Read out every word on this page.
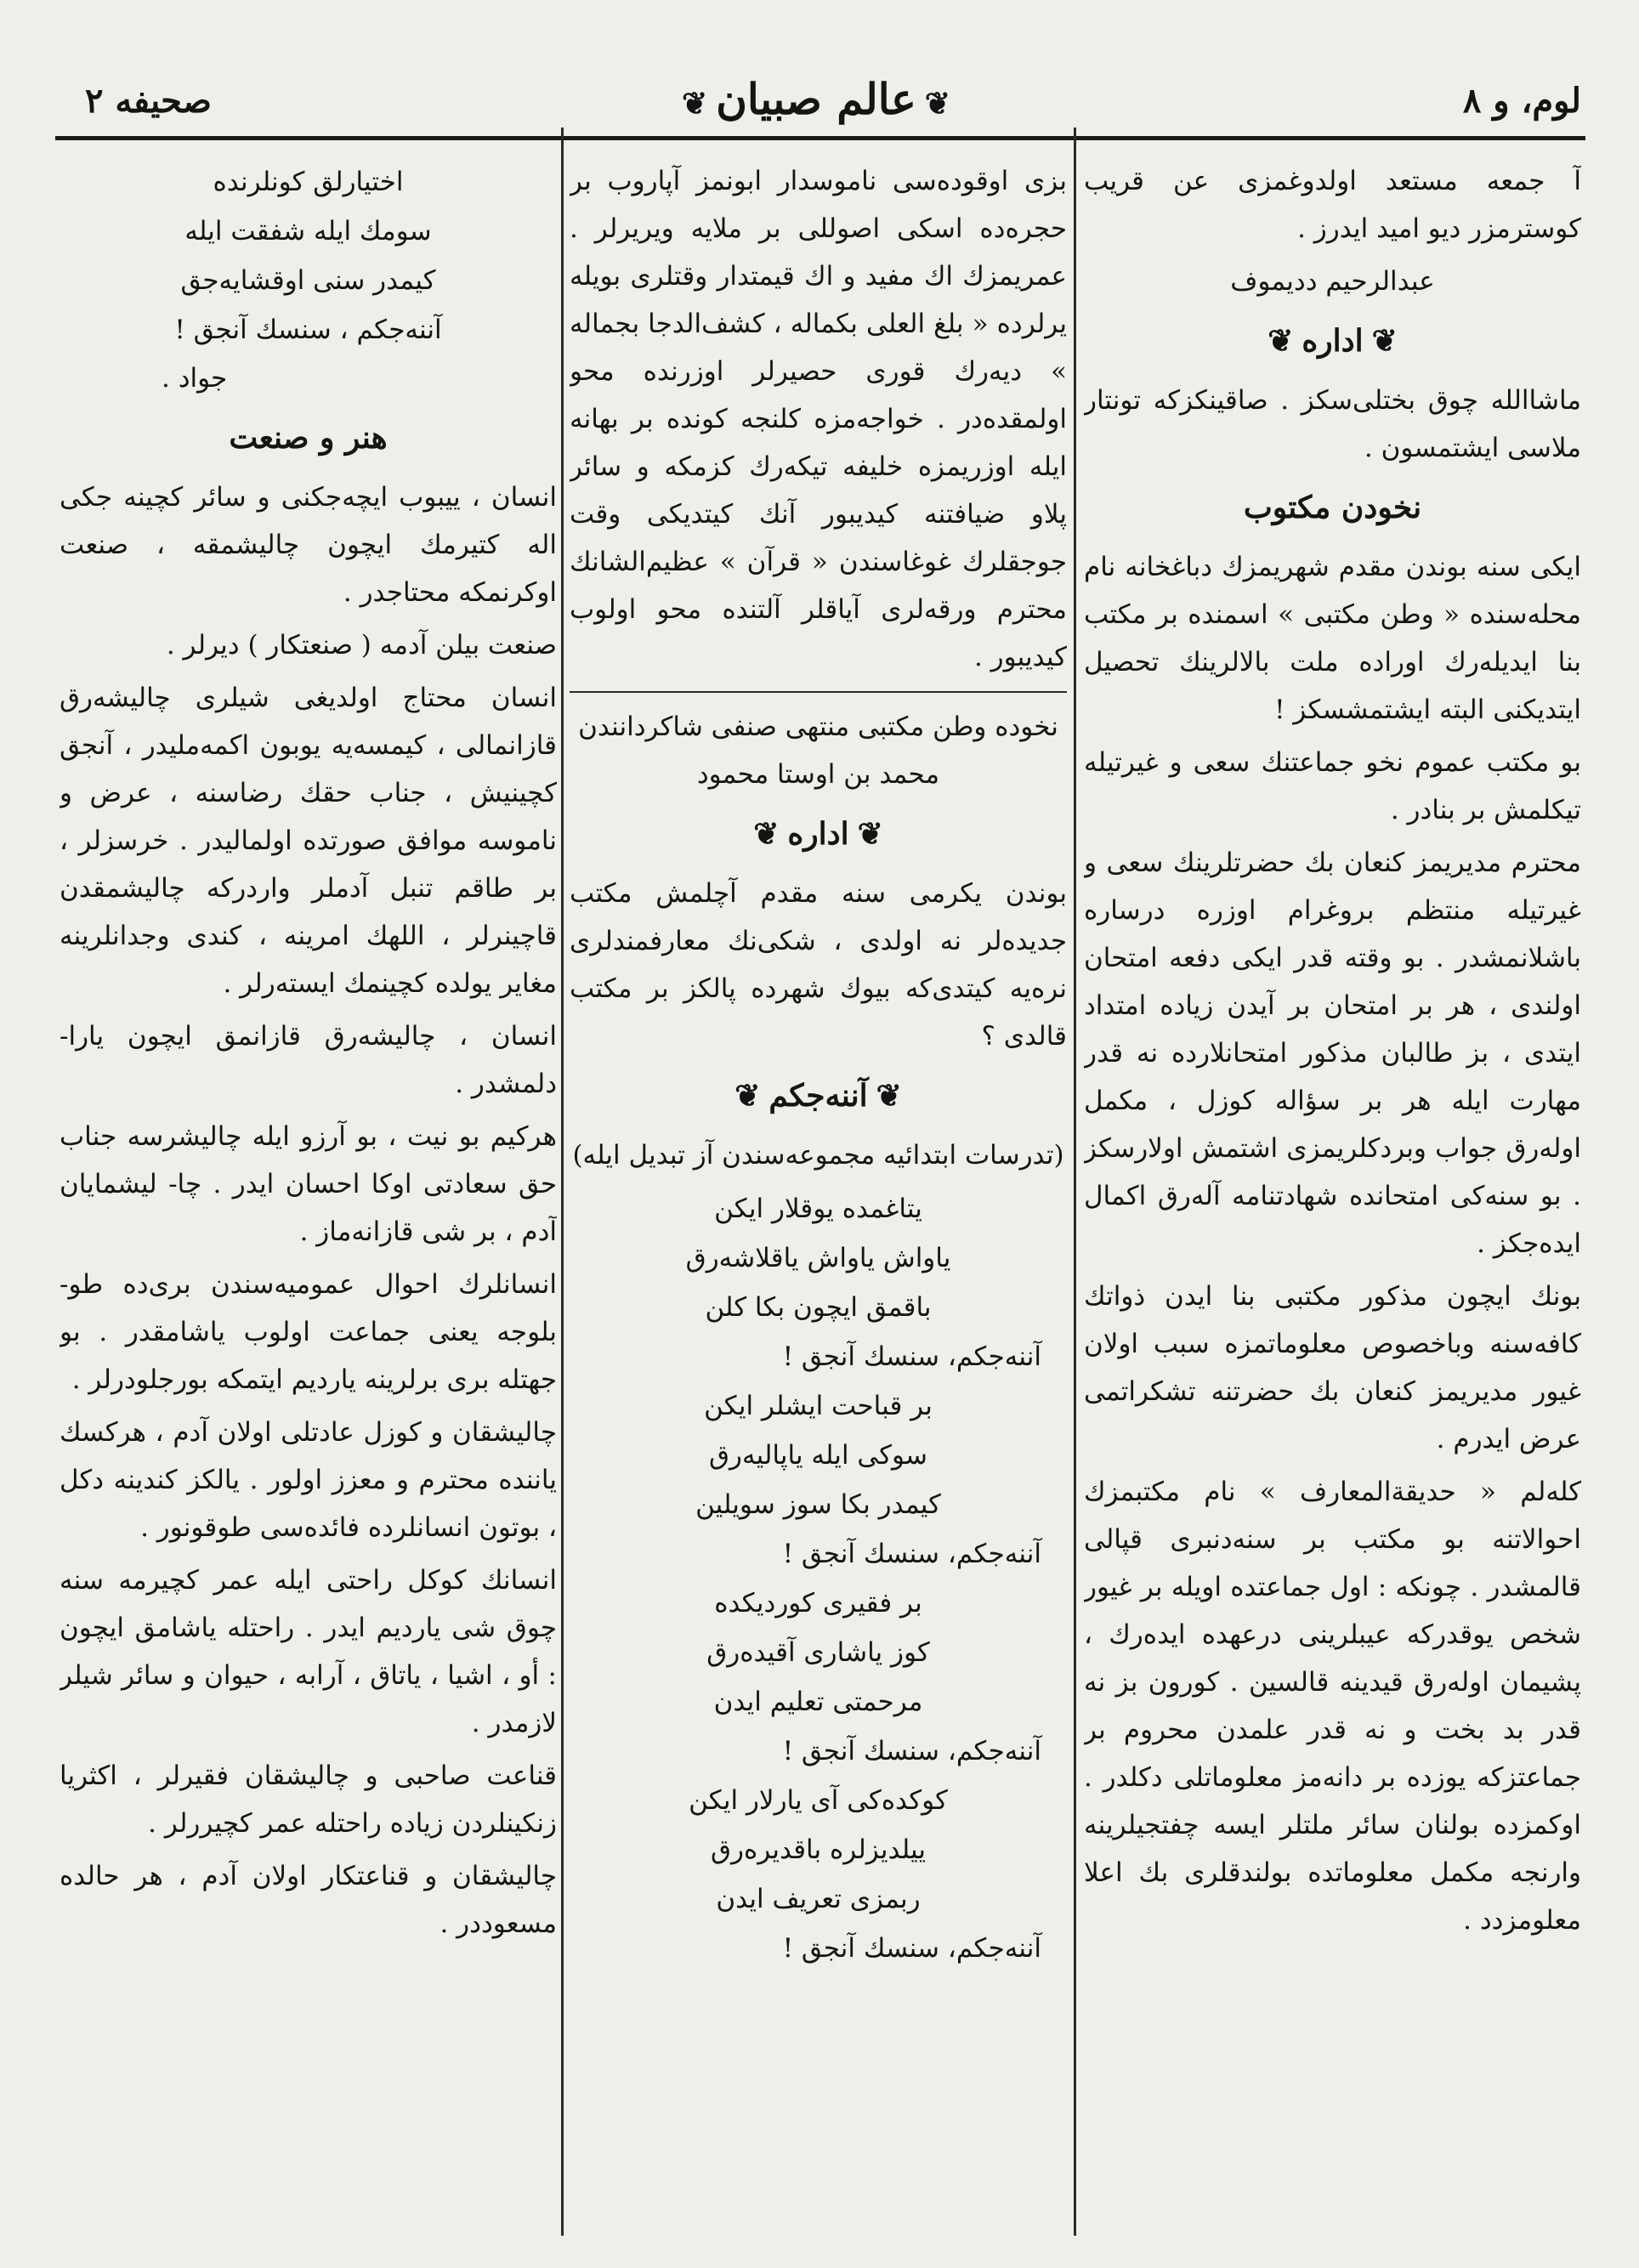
لوم، و ۸
❦عالم صبيان❦
صحيفه ٢

آ جمعه مستعد اولدوغمزی عن قریب کوسترمزر دیو امید ایدرز .

عبدالرحیم ددیموف
❦اداره❦

ماشاالله چوق بختلی‌سکز . صاقینکزکه تونتار ملاسی ایشتمسون .

نخودن مکتوب

ایکی سنه بوندن مقدم شهریمزك دباغخانه نام محله‌سنده « وطن مکتبی » اسمنده بر مکتب بنا ایدیله‌رك اوراده ملت بالالرینك تحصیل ایتدیکنی البته ایشتمشسکز !

بو مکتب عموم نخو جماعتنك سعی و غیرتیله تیکلمش بر بنادر .

محترم مدیریمز کنعان بك حضرتلرینك سعی و غیرتیله منتظم بروغرام اوزره درساره باشلانمشدر . بو وقته قدر ایکی دفعه امتحان اولندی ، هر بر امتحان بر آیدن زیاده امتداد ایتدی ، بز طالبان مذکور امتحانلارده نه قدر مهارت ایله هر بر سؤاله کوزل ، مکمل اوله‌رق جواب وبردکلریمزی اشتمش اولارسکز . بو سنه‌کی امتحانده شهادتنامه آله‌رق اکمال ایده‌جکز .

بونك ایچون مذکور مکتبی بنا ایدن ذواتك کافه‌سنه وباخصوص معلوماتمزه سبب اولان غیور مدیریمز کنعان بك حضرتنه تشکراتمی عرض ایدرم .

کله‌لم « حدیقة‌المعارف » نام مکتبمزك احوالاتنه بو مکتب بر سنه‌دنبری قپالی قالمشدر . چونکه : اول جماعتده اویله بر غیور شخص یوقدرکه عیبلرینی درعهده ایده‌رك ، پشیمان اوله‌رق قیدینه قالسین . کورون بز نه قدر بد بخت و نه قدر علمدن محروم بر جماعتزکه یوزده بر دانه‌مز معلوماتلی دکلدر . اوکمزده بولنان سائر ملتلر ایسه چفتجیلرینه وارنجه مکمل معلوماتده بولندقلری بك اعلا معلومزدد .

بزی اوقوده‌سی ناموسدار ابونمز آپاروب بر حجره‌ده اسکی اصوللی بر ملایه ویریرلر . عمریمزك اك مفید و اك قیمتدار وقتلری بویله یرلرده « بلغ العلی بکماله ، کشف‌الدجا بجماله » دیه‌رك قوری حصیرلر اوزرنده محو اولمقده‌در . خواجه‌مزه کلنجه کوندە بر بهانه ایله اوزریمزه خلیفه تیکه‌رك کزمکه و سائر پلاو ضیافتنه کیدیبور آنك کیتدیکی وقت جوجقلرك غوغاسندن « قرآن » عظیم‌الشانك محترم ورقه‌لری آیاقلر آلتنده محو اولوب کیدیبور .

نخوده وطن مکتبی منتهی صنفی شاکردانندن محمد بن اوستا محمود

❦اداره❦

بوندن یکرمی سنه مقدم آچلمش مکتب جدیده‌لر نه اولدی ، شکی‌نك معارفمندلری نره‌یه کیتدی‌که بیوك شهرده پالکز بر مکتب قالدی ؟

❦آننه‌جکم❦

(تدرسات ابتدائیه مجموعه‌سندن آز تبدیل ایله)

یتاغمده یوقلار ایکن

یاواش یاواش یاقلاشه‌رق

باقمق ایچون بکا کلن

آننه‌جکم، سنسك آنجق !

بر قباحت ایشلر ایکن

سوکی ایله یاپالیه‌رق

کیمدر بکا سوز سویلین

آننه‌جکم، سنسك آنجق !

بر فقیری کوردیکده

کوز یاشاری آقیده‌رق

مرحمتی تعلیم ایدن

آننه‌جکم، سنسك آنجق !

کوکده‌کی آی یارلار ایکن

ییلدیزلره باقدیره‌رق

ربمزی تعریف ایدن

آننه‌جکم، سنسك آنجق !

اختیارلق کونلرنده

سومك ایله شفقت ایله

کیمدر سنی اوقشایه‌جق

آننه‌جکم ، سنسك آنجق !

جواد .

هنر و صنعت

انسان ، ییبوب ایچه‌جکنی و سائر کچینه جکی اله کتیرمك ایچون چالیشمقه ، صنعت اوکرنمکه محتاجدر .

صنعت بیلن آدمه ( صنعتکار ) دیرلر .

انسان محتاج اولدیغی شیلری چالیشه‌رق قازانمالی ، کیمسه‌یه یوبون اکمه‌ملیدر ، آنجق کچینیش ، جناب حقك رضاسنه ، عرض و ناموسه موافق صورتده اولمالیدر . خرسزلر ، بر طاقم تنبل آدملر واردرکه چالیشمقدن قاچینرلر ، اللهك امرینه ، کندی وجدانلرینه مغایر یولده کچینمك ایسته‌رلر .

انسان ، چالیشه‌رق قازانمق ایچون یارا- دلمشدر .

هرکیم بو نیت ، بو آرزو ایله چالیشرسه جناب حق سعادتی اوکا احسان ایدر . چا- لیشمایان آدم ، بر شی قازانه‌ماز .

انسانلرك احوال عمومیه‌سندن بری‌ده طو- بلوجه یعنی جماعت اولوب یاشامقدر . بو جهتله بری برلرینه یاردیم ایتمکه بورجلودرلر .

چالیشقان و کوزل عادتلی اولان آدم ، هرکسك یاننده محترم و معزز اولور . یالکز کندینه دکل ، بوتون انسانلرده فائده‌سی طوقونور .

انسانك کوکل راحتی ایله عمر کچیرمه سنه چوق شی یاردیم ایدر . راحتله یاشامق ایچون : أو ، اشیا ، یاتاق ، آرابه ، حیوان و سائر شیلر لازمدر .

قناعت صاحبی و چالیشقان فقیرلر ، اکثریا زنکینلردن زیاده راحتله عمر کچیررلر .

چالیشقان و قناعتکار اولان آدم ، هر حالده مسعوددر .
